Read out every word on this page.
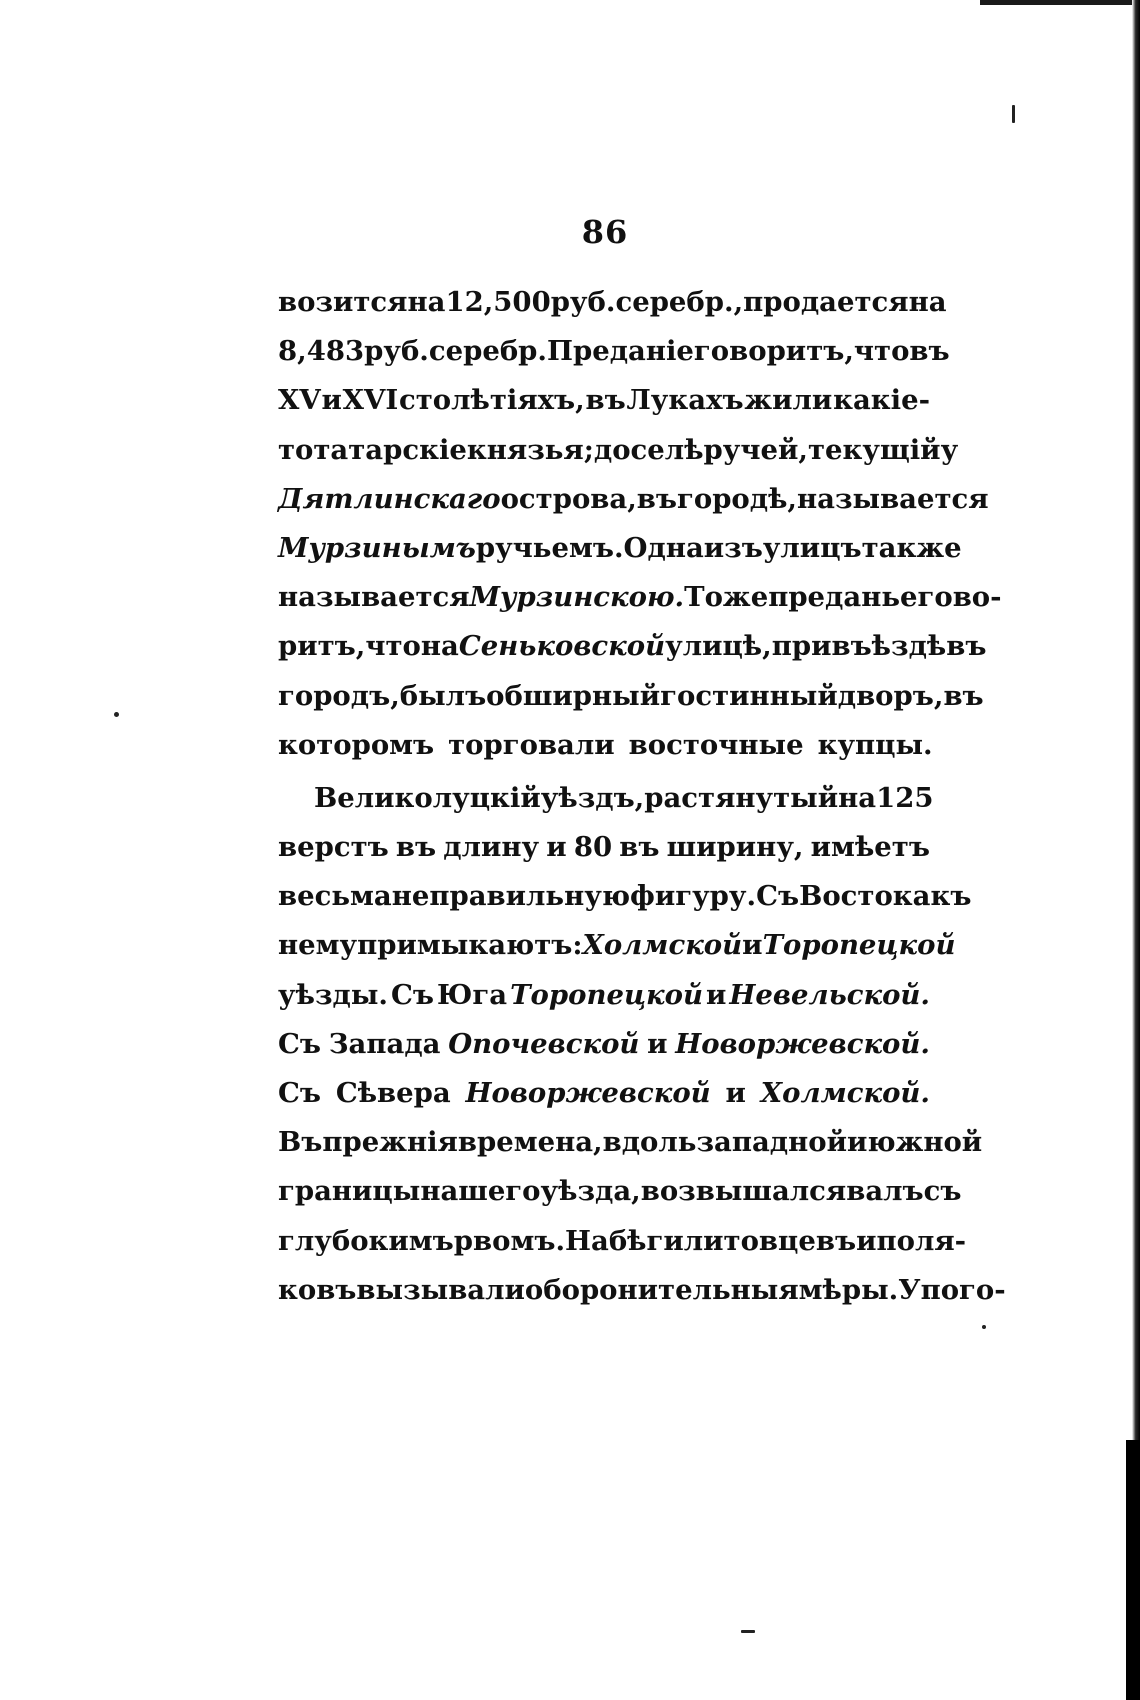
86
возится на 12,500 руб. серебр., продается на
8,483 руб. серебр. Преданіе говоритъ, что въ
XV и XVI столѣтіяхъ, въ Лукахъ жили какіе-
то татарскіе князья; доселѣ ручей, текущій у
Дятлинскаго острова, въ городѣ, называется
Мурзинымъ ручьемъ. Одна изъ улицъ также
называется Мурзинскою. Тоже преданье гово-
ритъ, что на Сеньковской улицѣ, при въѣздѣ въ
городъ, былъ обширный гостинный дворъ, въ
которомъ торговали восточные купцы.
Великолуцкій уѣздъ, растянутый на 125
верстъ въ длину и 80 въ ширину, имѣетъ
весьма неправильную фигуру. Съ Востока къ
нему примыкаютъ: Холмской и Торопецкой
уѣзды. Съ Юга Торопецкой и Невельской.
Съ Запада Опочевской и Новоржевской.
Съ Сѣвера Новоржевской и Холмской.
Въ прежнія времена, вдоль западной и южной
границы нашего уѣзда, возвышался валъ съ
глубокимъ рвомъ. Набѣги литовцевъ и поля-
ковъ вызывали оборонительныя мѣры. У пого-
